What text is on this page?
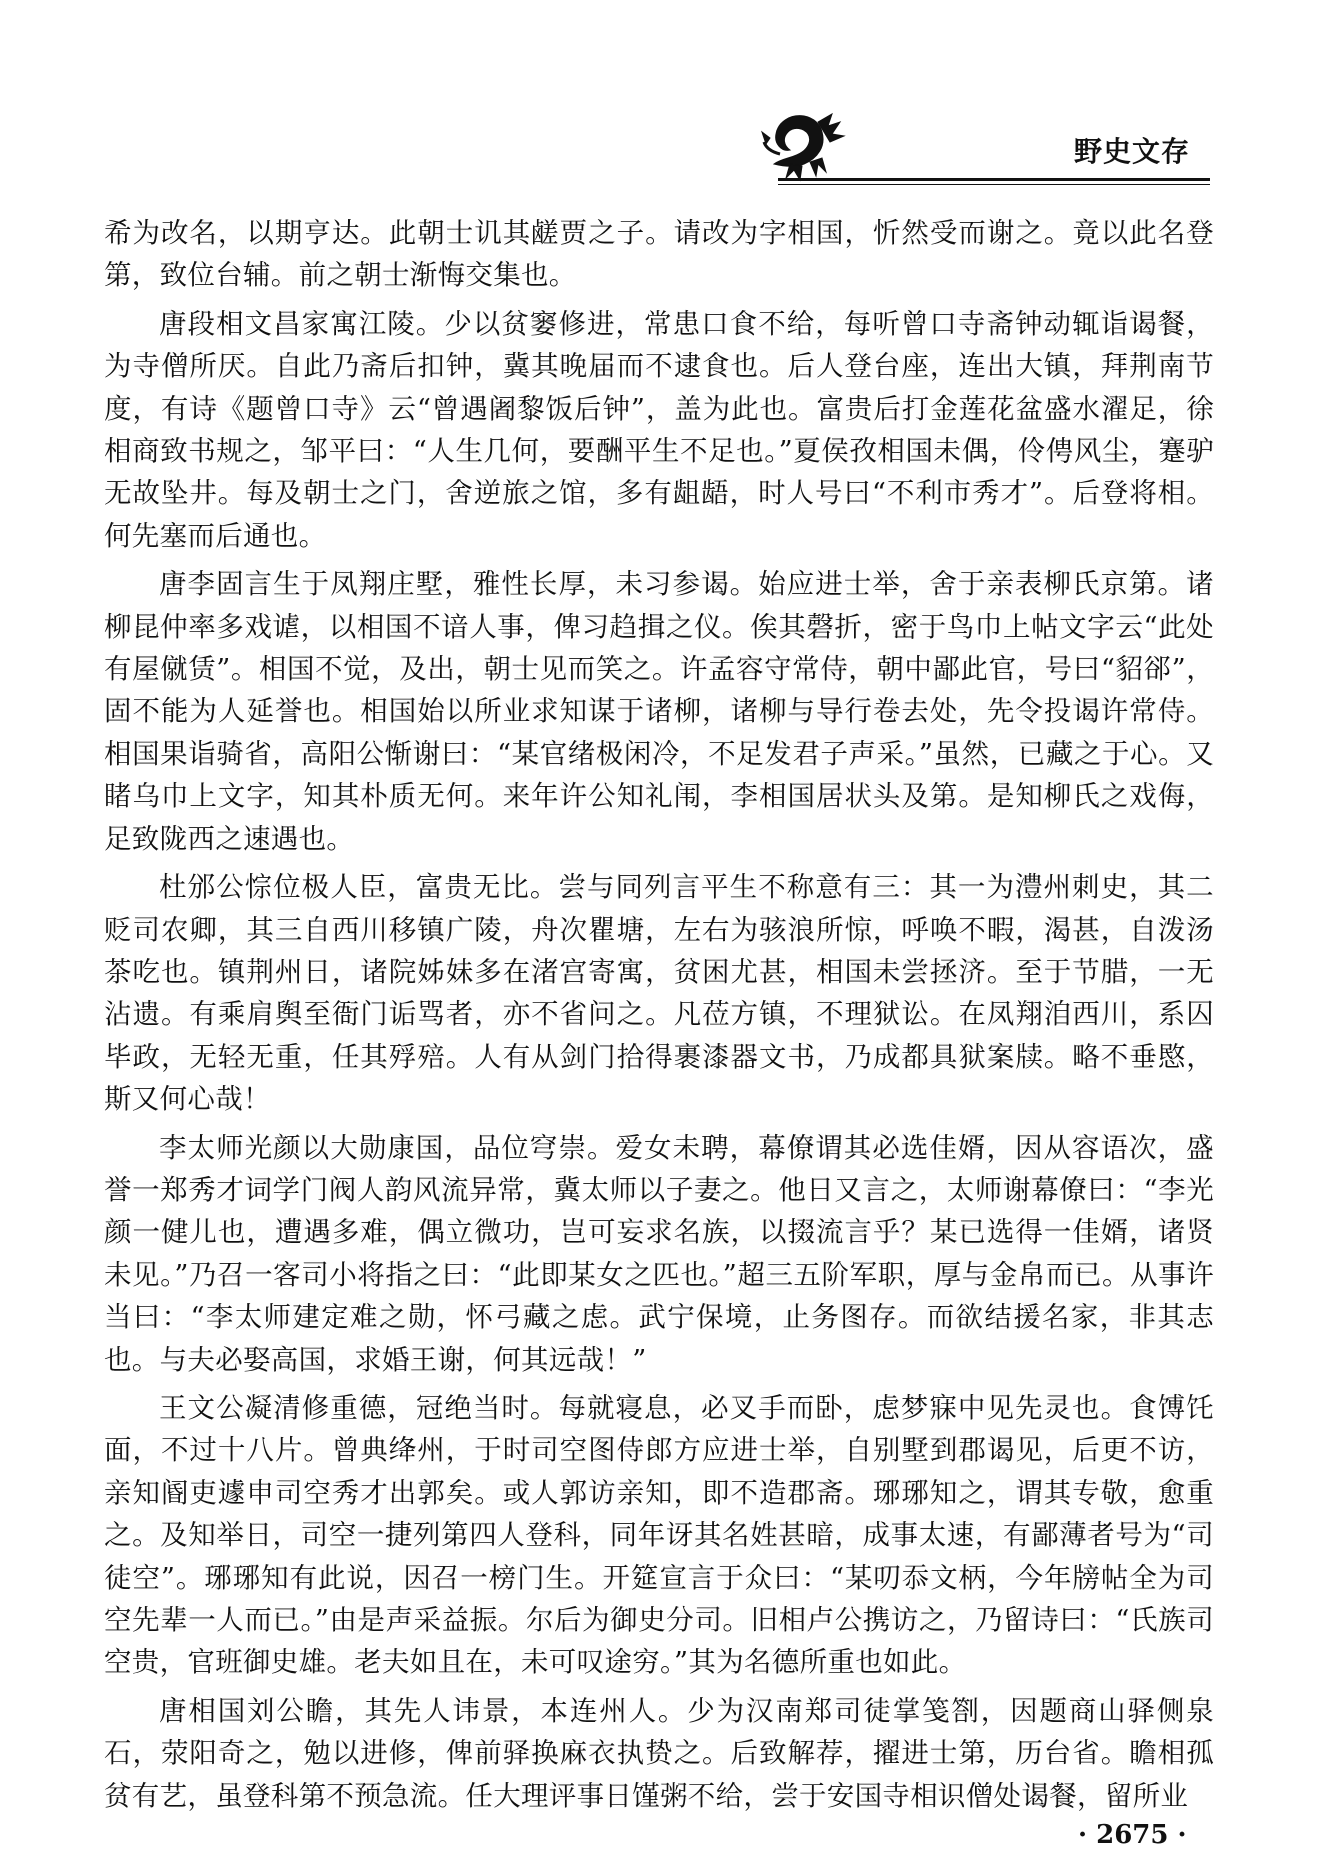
野史文存

希为改名，以期亨达。此朝士讥其鹾贾之子。请改为字相国，忻然受而谢之。竟以此名登第，致位台辅。前之朝士渐悔交集也。

唐段相文昌家寓江陵。少以贫窭修进，常患口食不给，每听曾口寺斋钟动辄诣谒餐，为寺僧所厌。自此乃斋后扣钟，冀其晚届而不逮食也。后人登台座，连出大镇，拜荆南节度，有诗《题曾口寺》云“曾遇阇黎饭后钟”，盖为此也。富贵后打金莲花盆盛水濯足，徐相商致书规之，邹平曰：“人生几何，要酬平生不足也。”夏侯孜相国未偶，伶俜风尘，蹇驴无故坠井。每及朝士之门，舍逆旅之馆，多有龃龉，时人号曰“不利市秀才”。后登将相。何先塞而后通也。

唐李固言生于凤翔庄墅，雅性长厚，未习参谒。始应进士举，舍于亲表柳氏京第。诸柳昆仲率多戏谑，以相国不谙人事，俾习趋揖之仪。俟其磬折，密于鸟巾上帖文字云“此处有屋僦赁”。相国不觉，及出，朝士见而笑之。许孟容守常侍，朝中鄙此官，号曰“貂郤”，固不能为人延誉也。相国始以所业求知谋于诸柳，诸柳与导行卷去处，先令投谒许常侍。相国果诣骑省，高阳公惭谢曰：“某官绪极闲冷，不足发君子声采。”虽然，已藏之于心。又睹乌巾上文字，知其朴质无何。来年许公知礼闱，李相国居状头及第。是知柳氏之戏侮，足致陇西之速遇也。

杜邠公悰位极人臣，富贵无比。尝与同列言平生不称意有三：其一为澧州刺史，其二贬司农卿，其三自西川移镇广陵，舟次瞿塘，左右为骇浪所惊，呼唤不暇，渴甚，自泼汤茶吃也。镇荆州日，诸院姊妹多在渚宫寄寓，贫困尤甚，相国未尝拯济。至于节腊，一无沾遗。有乘肩舆至衙门诟骂者，亦不省问之。凡莅方镇，不理狱讼。在凤翔洎西川，系囚毕政，无轻无重，任其殍殕。人有从剑门拾得裹漆器文书，乃成都具狱案牍。略不垂愍，斯又何心哉！

李太师光颜以大勋康国，品位穹崇。爱女未聘，幕僚谓其必选佳婿，因从容语次，盛誉一郑秀才词学门阀人韵风流异常，冀太师以子妻之。他日又言之，太师谢幕僚曰：“李光颜一健儿也，遭遇多难，偶立微功，岂可妄求名族，以掇流言乎？某已选得一佳婿，诸贤未见。”乃召一客司小将指之曰：“此即某女之匹也。”超三五阶军职，厚与金帛而已。从事许当曰：“李太师建定难之勋，怀弓藏之虑。武宁保境，止务图存。而欲结援名家，非其志也。与夫必娶高国，求婚王谢，何其远哉！”

王文公凝清修重德，冠绝当时。每就寝息，必叉手而卧，虑梦寐中见先灵也。食馎饦面，不过十八片。曾典绛州，于时司空图侍郎方应进士举，自别墅到郡谒见，后更不访，亲知阍吏遽申司空秀才出郭矣。或人郭访亲知，即不造郡斋。琊琊知之，谓其专敬，愈重之。及知举日，司空一捷列第四人登科，同年讶其名姓甚暗，成事太速，有鄙薄者号为“司徒空”。琊琊知有此说，因召一榜门生。开筵宣言于众曰：“某叨忝文柄，今年牓帖全为司空先辈一人而已。”由是声采益振。尔后为御史分司。旧相卢公携访之，乃留诗曰：“氏族司空贵，官班御史雄。老夫如且在，未可叹途穷。”其为名德所重也如此。

唐相国刘公瞻，其先人讳景，本连州人。少为汉南郑司徒掌笺劄，因题商山驿侧泉石，荥阳奇之，勉以进修，俾前驿换麻衣执贽之。后致解荐，擢进士第，历台省。瞻相孤贫有艺，虽登科第不预急流。任大理评事日馑粥不给，尝于安国寺相识僧处谒餐，留所业

· 2675 ·
